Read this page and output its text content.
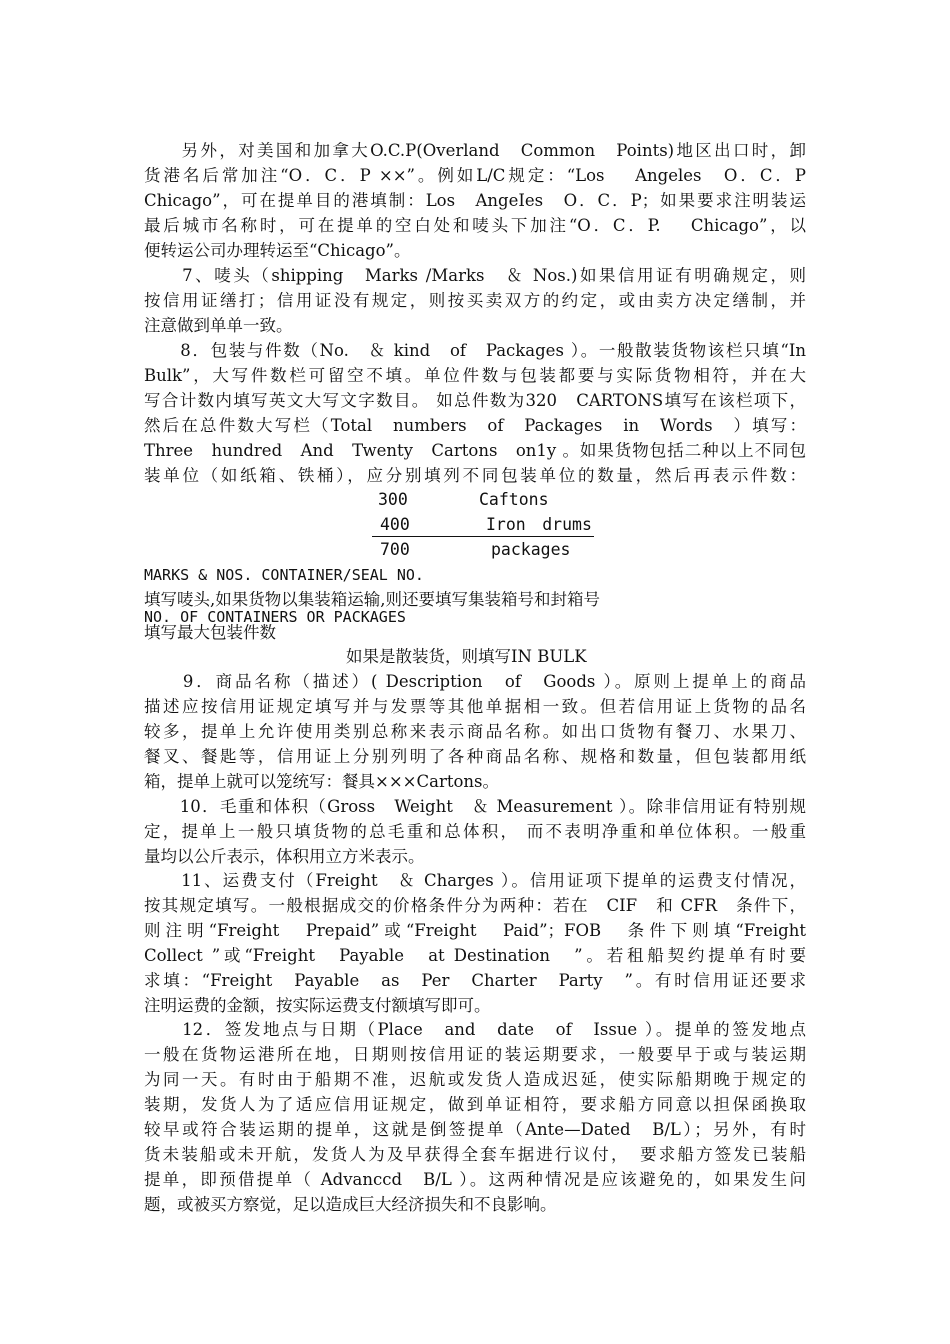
　　另外，对美国和加拿大O.C.P(Overland　Common　Points)地区出口时，卸
货港名后常加注“O．C．P ××”。例如L/C规定：“Los　 Angeles　O．C．P
Chicago”，可在提单目的港填制：Los　AngeIes　O．C．P；如果要求注明装运
最后城市名称时，可在提单的空白处和唛头下加注“O．C．P.　 Chicago”，以
便转运公司办理转运至“Chicago”。
　　7、唛头（shipping　Marks /Marks　＆ Nos.)如果信用证有明确规定，则
按信用证缮打；信用证没有规定，则按买卖双方的约定，或由卖方决定缮制，并
注意做到单单一致。
　　8．包装与件数（No.　＆ kind　of　Packages ）。一般散装货物该栏只填“In
Bulk”，大写件数栏可留空不填。单位件数与包装都要与实际货物相符，并在大
写合计数内填写英文大写文字数目。 如总件数为320　CARTONS填写在该栏项下，
然后在总件数大写栏（Total　numbers　of　Packages　in　Words　）填写：
Three　hundred　And　Twenty　Cartons　on1y 。如果货物包括二种以上不同包
装单位（如纸箱、铁桶），应分别填列不同包装单位的数量，然后再表示件数：
300	Caftons
400	Iron　drums
700	packages
MARKS & NOS. CONTAINER/SEAL NO.
填写唛头,如果货物以集装箱运输,则还要填写集装箱号和封箱号
NO. OF CONTAINERS OR PACKAGES
填写最大包装件数
如果是散装货，则填写IN BULK
　　9．商品名称（描述）( Description　of　Goods ）。原则上提单上的商品
描述应按信用证规定填写并与发票等其他单据相一致。但若信用证上货物的品名
较多，提单上允许使用类别总称来表示商品名称。如出口货物有餐刀、水果刀、
餐叉、餐匙等，信用证上分别列明了各种商品名称、规格和数量，但包装都用纸
箱，提单上就可以笼统写：餐具×××Cartons。
　　10．毛重和体积（Gross　Weight　＆ Measurement ）。除非信用证有特别规
定，提单上一般只填货物的总毛重和总体积， 而不表明净重和单位体积。一般重
量均以公斤表示，体积用立方米表示。
　　11、运费支付（Freight　＆ Charges ）。信用证项下提单的运费支付情况，
按其规定填写。一般根据成交的价格条件分为两种：若在　CIF　和 CFR　条件下，
则注明“Freight　Prepaid”或“Freight　Paid”；FOB　条件下则填“Freight
Collect ”或“Freight　Payable　at Destination　”。若租船契约提单有时要
求填：“Freight　Payable　as　Per　Charter　Party　”。有时信用证还要求
注明运费的金额，按实际运费支付额填写即可。
　　12．签发地点与日期（Place　and　date　of　Issue ）。提单的签发地点
一般在货物运港所在地，日期则按信用证的装运期要求，一般要早于或与装运期
为同一天。有时由于船期不准，迟航或发货人造成迟延，使实际船期晚于规定的
装期，发货人为了适应信用证规定，做到单证相符，要求船方同意以担保函换取
较早或符合装运期的提单，这就是倒签提单（Ante—Dated　B/L）；另外，有时
货未装船或未开航，发货人为及早获得全套车据进行议付，　要求船方签发已装船
提单，即预借提单（ Advanccd　B/L ）。这两种情况是应该避免的，如果发生问
题，或被买方察觉，足以造成巨大经济损失和不良影响。
